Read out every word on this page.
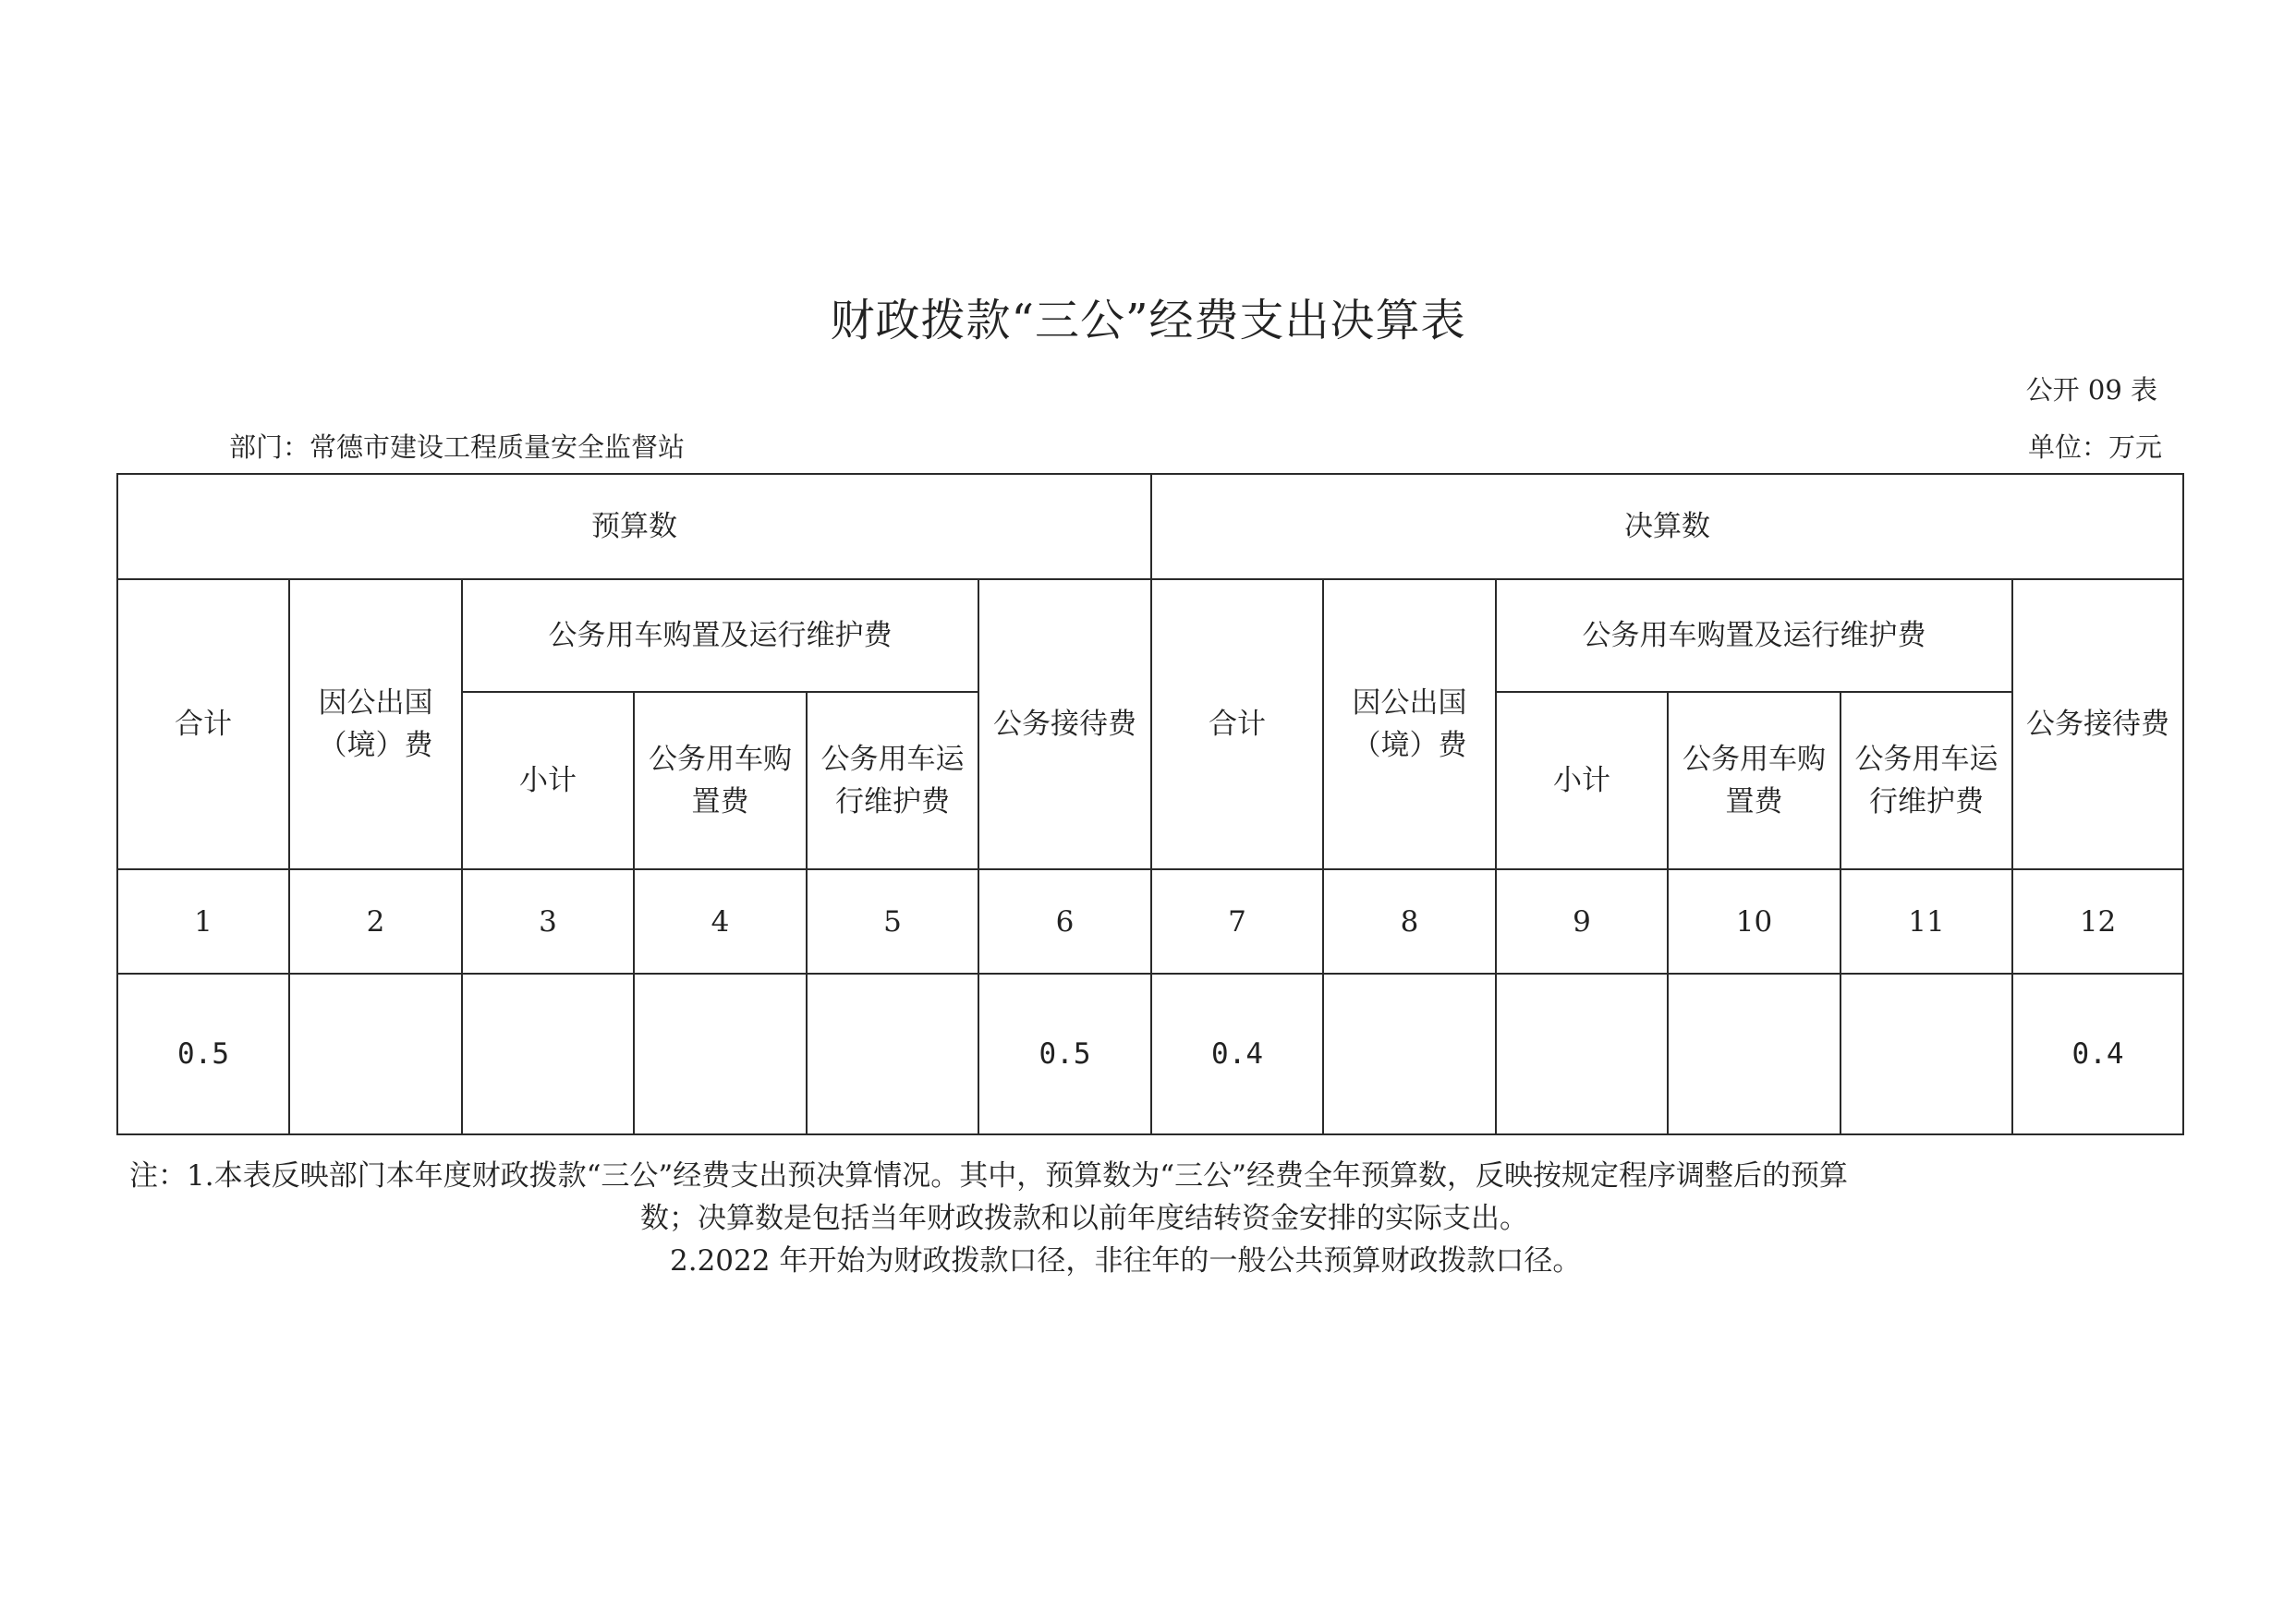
财政拨款“三公”经费支出决算表
公开 09 表
部门：常德市建设工程质量安全监督站	单位：万元
预算数						决算数					
合计	因公出国（境）费	公务用车购置及运行维护费			公务接待费	合计	因公出国（境）费	公务用车购置及运行维护费			公务接待费
		小计	公务用车购置费	公务用车运行维护费				小计	公务用车购置费	公务用车运行维护费	
1	2	3	4	5	6	7	8	9	10	11	12
0.5					0.5	0.4					0.4
注：1.本表反映部门本年度财政拨款“三公”经费支出预决算情况。其中，预算数为“三公”经费全年预算数，反映按规定程序调整后的预算
数；决算数是包括当年财政拨款和以前年度结转资金安排的实际支出。
2.2022 年开始为财政拨款口径，非往年的一般公共预算财政拨款口径。
